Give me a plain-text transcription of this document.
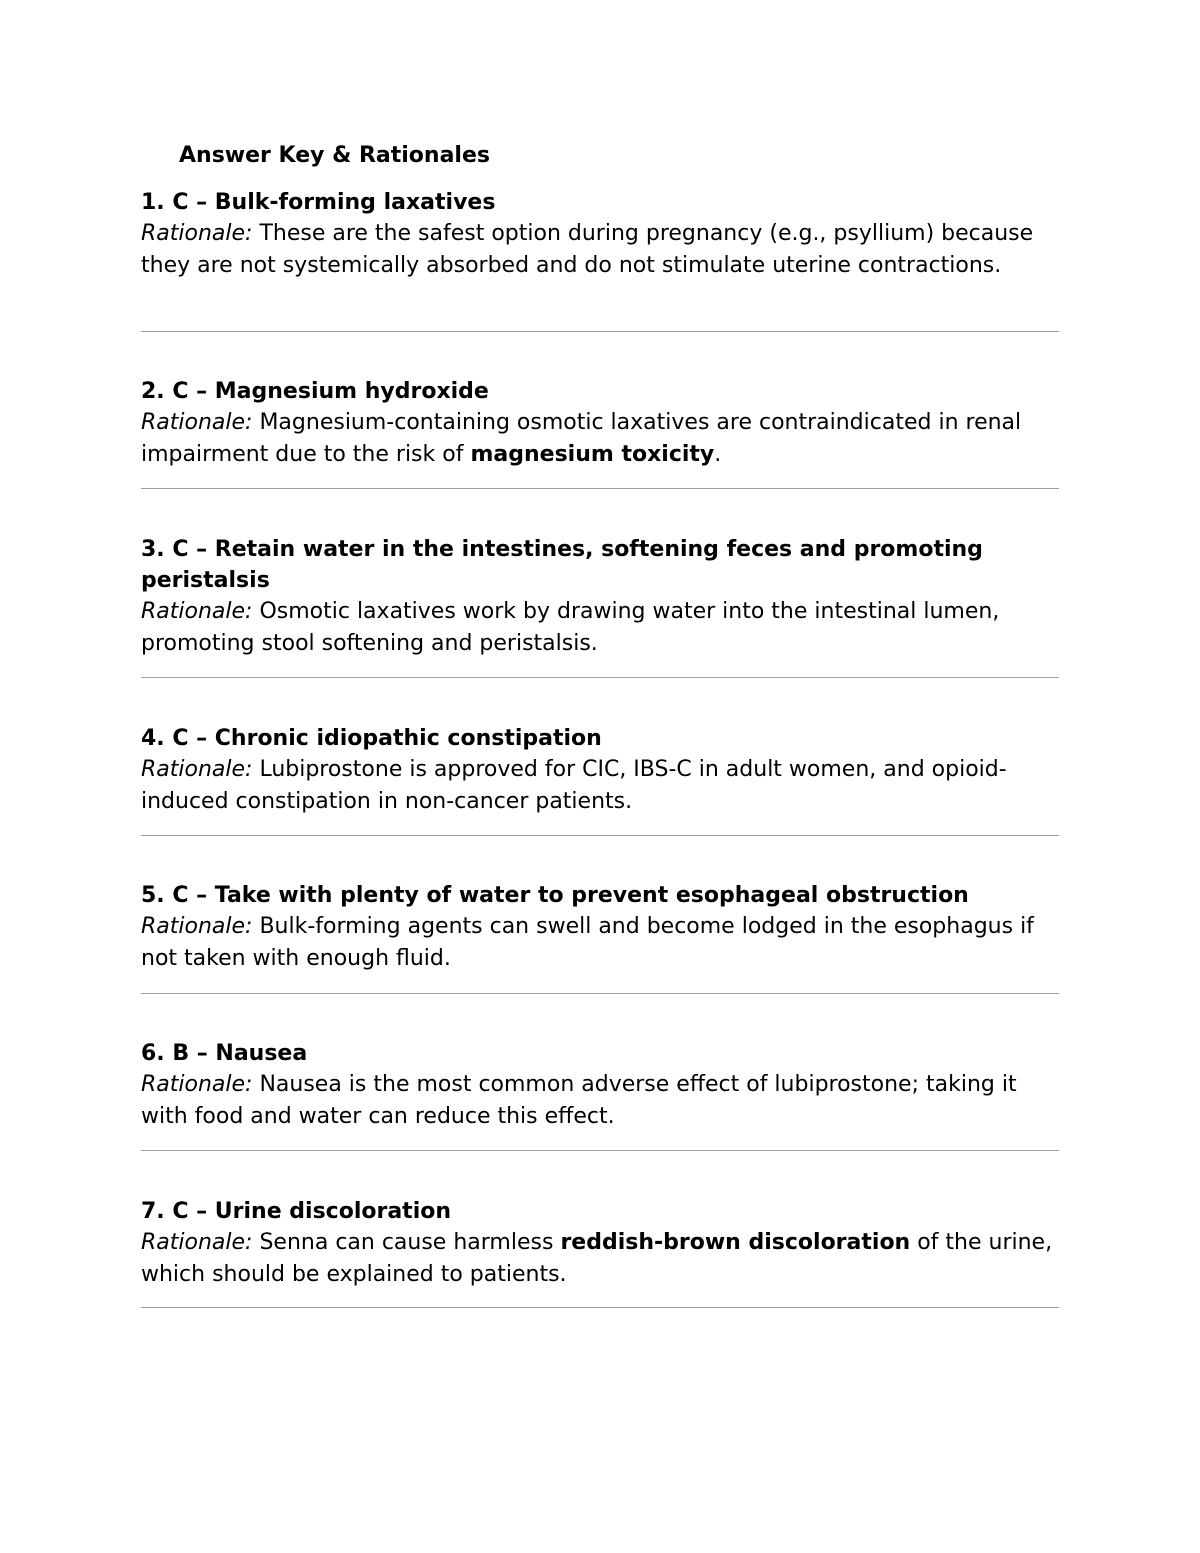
Answer Key & Rationales

1. C – Bulk-forming laxatives

Rationale: These are the safest option during pregnancy (e.g., psyllium) because they are not systemically absorbed and do not stimulate uterine contractions.

2. C – Magnesium hydroxide

Rationale: Magnesium-containing osmotic laxatives are contraindicated in renal impairment due to the risk of magnesium toxicity.

3. C – Retain water in the intestines, softening feces and promoting peristalsis

Rationale: Osmotic laxatives work by drawing water into the intestinal lumen, promoting stool softening and peristalsis.

4. C – Chronic idiopathic constipation

Rationale: Lubiprostone is approved for CIC, IBS-C in adult women, and opioid-induced constipation in non-cancer patients.

5. C – Take with plenty of water to prevent esophageal obstruction

Rationale: Bulk-forming agents can swell and become lodged in the esophagus if not taken with enough fluid.

6. B – Nausea

Rationale: Nausea is the most common adverse effect of lubiprostone; taking it with food and water can reduce this effect.

7. C – Urine discoloration

Rationale: Senna can cause harmless reddish-brown discoloration of the urine, which should be explained to patients.
